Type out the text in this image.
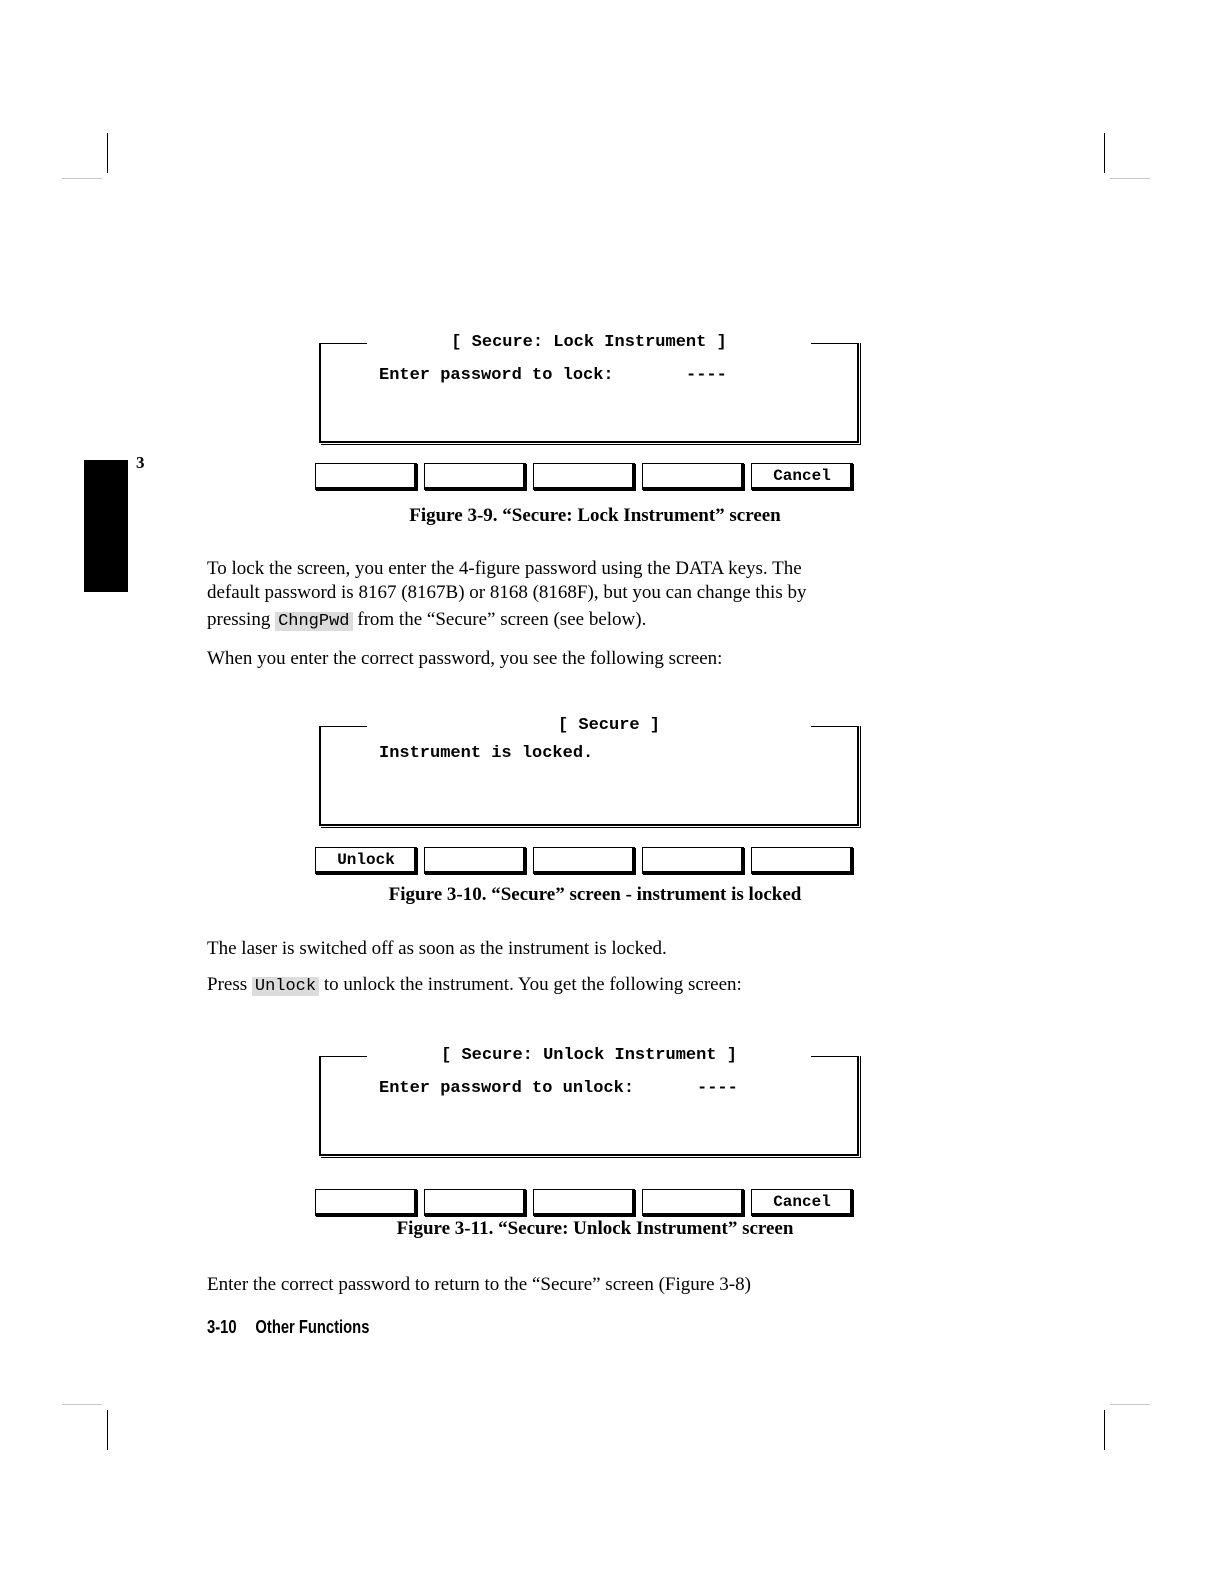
3
[ Secure: Lock Instrument ]
Enter password to lock:	----
Cancel
Figure 3-9. “Secure: Lock Instrument” screen
To lock the screen, you enter the 4-figure password using the DATA keys. The
default password is 8167 (8167B) or 8168 (8168F), but you can change this by
pressing ChngPwd from the “Secure” screen (see below).
When you enter the correct password, you see the following screen:
[ Secure ]
Instrument is locked.
Unlock
Figure 3-10. “Secure” screen - instrument is locked
The laser is switched off as soon as the instrument is locked.
Press Unlock to unlock the instrument. You get the following screen:
[ Secure: Unlock Instrument ]
Enter password to unlock:	----
Cancel
Figure 3-11. “Secure: Unlock Instrument” screen
Enter the correct password to return to the “Secure” screen (Figure 3-8)
3-10 Other Functions
